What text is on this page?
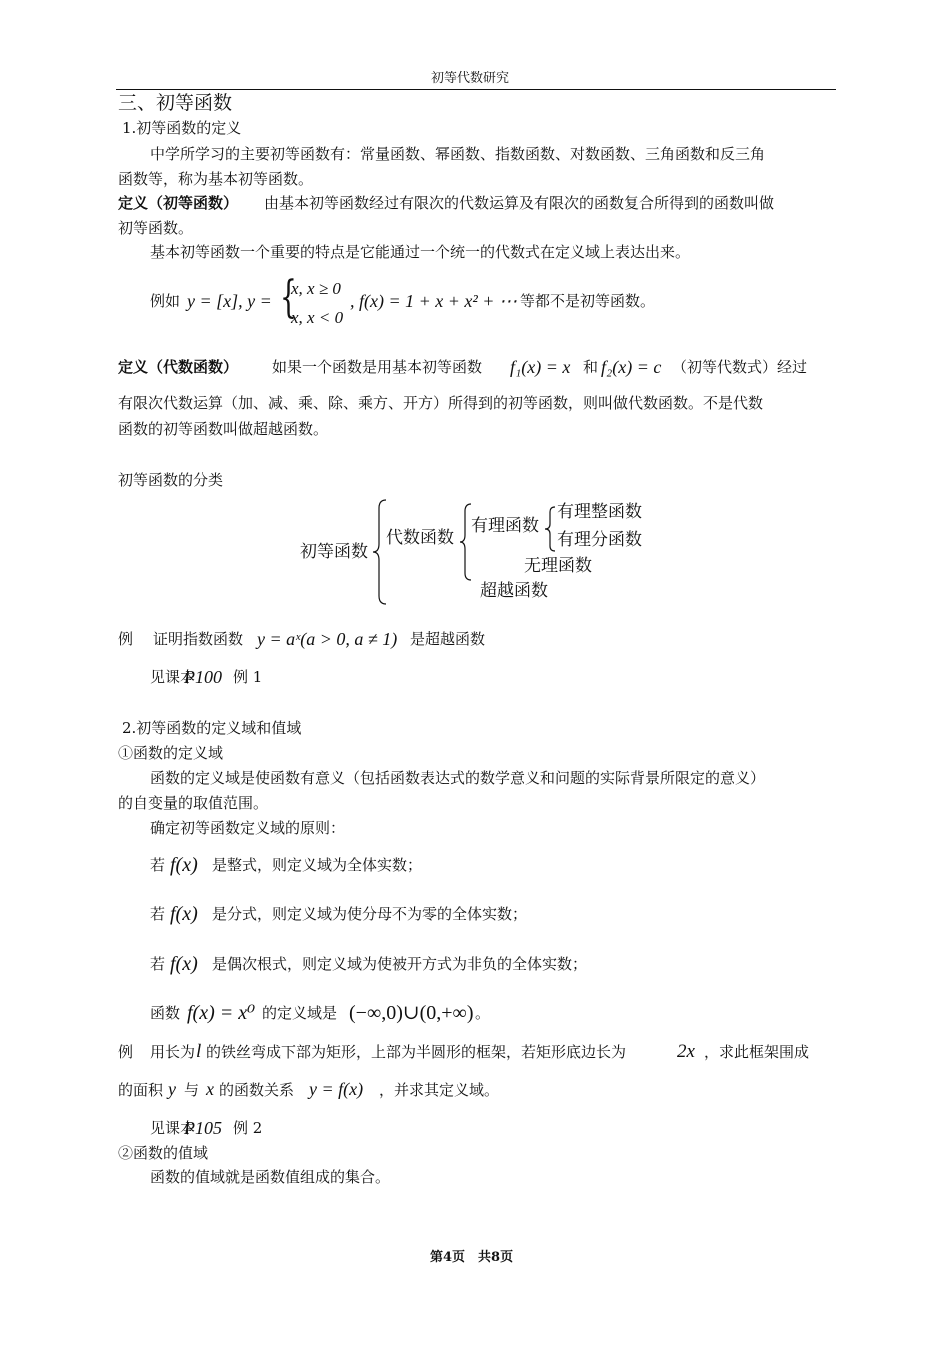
初等代数研究
三、初等函数
1.初等函数的定义
中学所学习的主要初等函数有：常量函数、幂函数、指数函数、对数函数、三角函数和反三角
函数等，称为基本初等函数。
定义（初等函数） 由基本初等函数经过有限次的代数运算及有限次的函数复合所得到的函数叫做
初等函数。
基本初等函数一个重要的特点是它能通过一个统一的代数式在定义域上表达出来。
例如 y = [x], y = {
x, x ≥ 0
x, x < 0
, f(x) = 1 + x + x² + ⋯ 等都不是初等函数。
定义（代数函数） 如果一个函数是用基本初等函数 f₁(x) = x 和 f₂(x) = c （初等代数式）经过
有限次代数运算（加、减、乘、除、乘方、开方）所得到的初等函数，则叫做代数函数。不是代数
函数的初等函数叫做超越函数。
初等函数的分类
初等函数
代数函数
有理函数
有理整函数
有理分函数
无理函数
超越函数
例 证明指数函数 y = aˣ(a > 0, a ≠ 1) 是超越函数
见课本
P100 例 1
2.初等函数的定义域和值域
①函数的定义域
函数的定义域是使函数有意义（包括函数表达式的数学意义和问题的实际背景所限定的意义）
的自变量的取值范围。
确定初等函数定义域的原则：
若 f(x) 是整式，则定义域为全体实数；
若 f(x) 是分式，则定义域为使分母不为零的全体实数；
若 f(x) 是偶次根式，则定义域为使被开方式为非负的全体实数；
函数 f(x) = x⁰ 的定义域是 (−∞,0)∪(0,+∞) 。
例 用长为 l 的铁丝弯成下部为矩形，上部为半圆形的框架，若矩形底边长为	2x ，求此框架围成
的面积 y 与 x 的函数关系 y = f(x) ，并求其定义域。
见课本
P105 例 2
②函数的值域
函数的值域就是函数值组成的集合。
第4页　共8页
